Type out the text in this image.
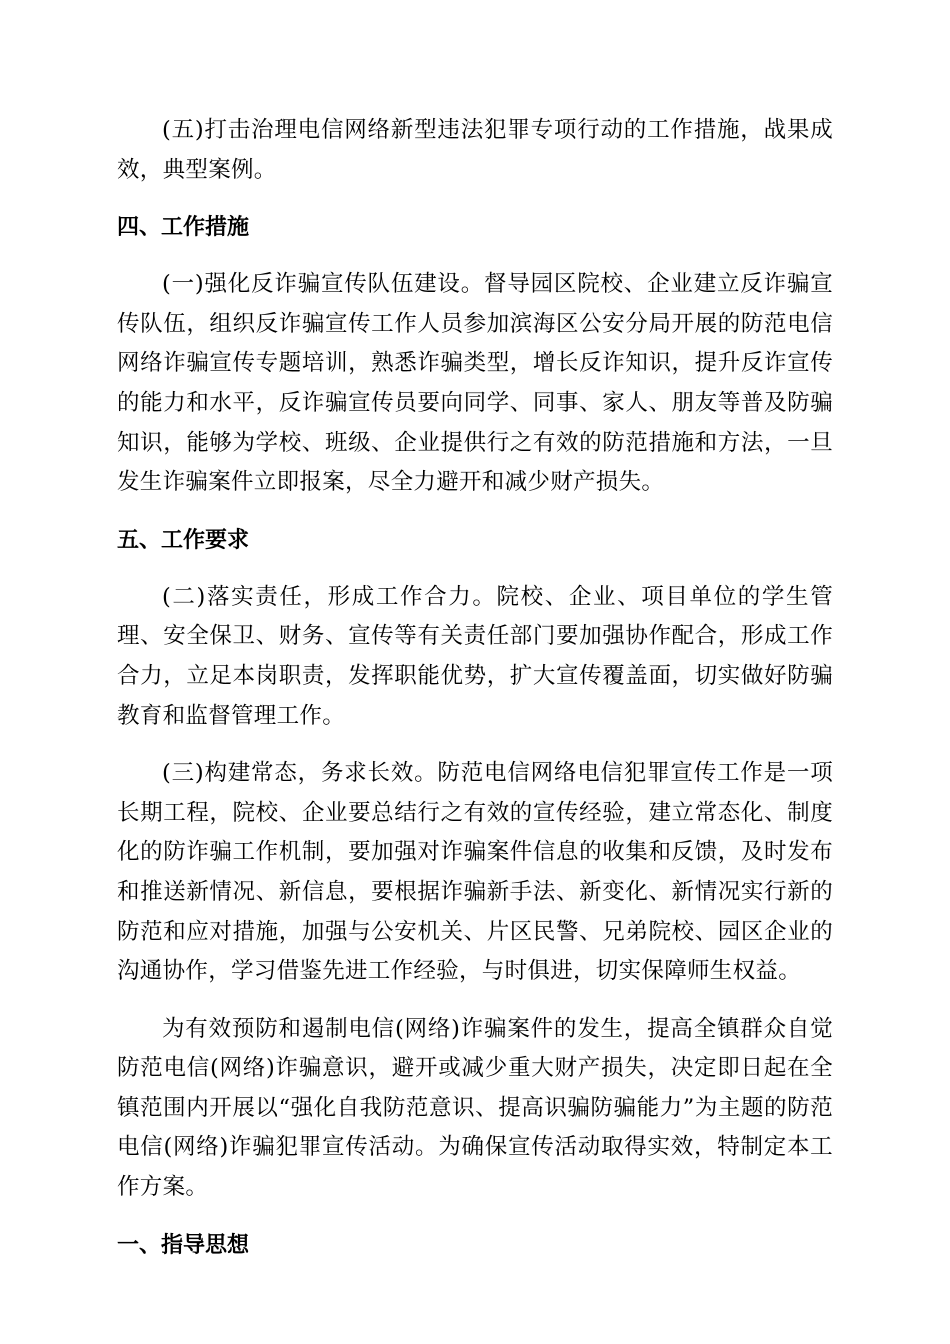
(五)打击治理电信网络新型违法犯罪专项行动的工作措施，战果成效，典型案例。

四、工作措施

(一)强化反诈骗宣传队伍建设。督导园区院校、企业建立反诈骗宣传队伍，组织反诈骗宣传工作人员参加滨海区公安分局开展的防范电信网络诈骗宣传专题培训，熟悉诈骗类型，增长反诈知识，提升反诈宣传的能力和水平，反诈骗宣传员要向同学、同事、家人、朋友等普及防骗知识，能够为学校、班级、企业提供行之有效的防范措施和方法，一旦发生诈骗案件立即报案，尽全力避开和减少财产损失。

五、工作要求

(二)落实责任，形成工作合力。院校、企业、项目单位的学生管理、安全保卫、财务、宣传等有关责任部门要加强协作配合，形成工作合力，立足本岗职责，发挥职能优势，扩大宣传覆盖面，切实做好防骗教育和监督管理工作。

(三)构建常态，务求长效。防范电信网络电信犯罪宣传工作是一项长期工程，院校、企业要总结行之有效的宣传经验，建立常态化、制度化的防诈骗工作机制，要加强对诈骗案件信息的收集和反馈，及时发布和推送新情况、新信息，要根据诈骗新手法、新变化、新情况实行新的防范和应对措施，加强与公安机关、片区民警、兄弟院校、园区企业的沟通协作，学习借鉴先进工作经验，与时俱进，切实保障师生权益。

为有效预防和遏制电信(网络)诈骗案件的发生，提高全镇群众自觉防范电信(网络)诈骗意识，避开或减少重大财产损失，决定即日起在全镇范围内开展以“强化自我防范意识、提高识骗防骗能力”为主题的防范电信(网络)诈骗犯罪宣传活动。为确保宣传活动取得实效，特制定本工作方案。

一、指导思想
